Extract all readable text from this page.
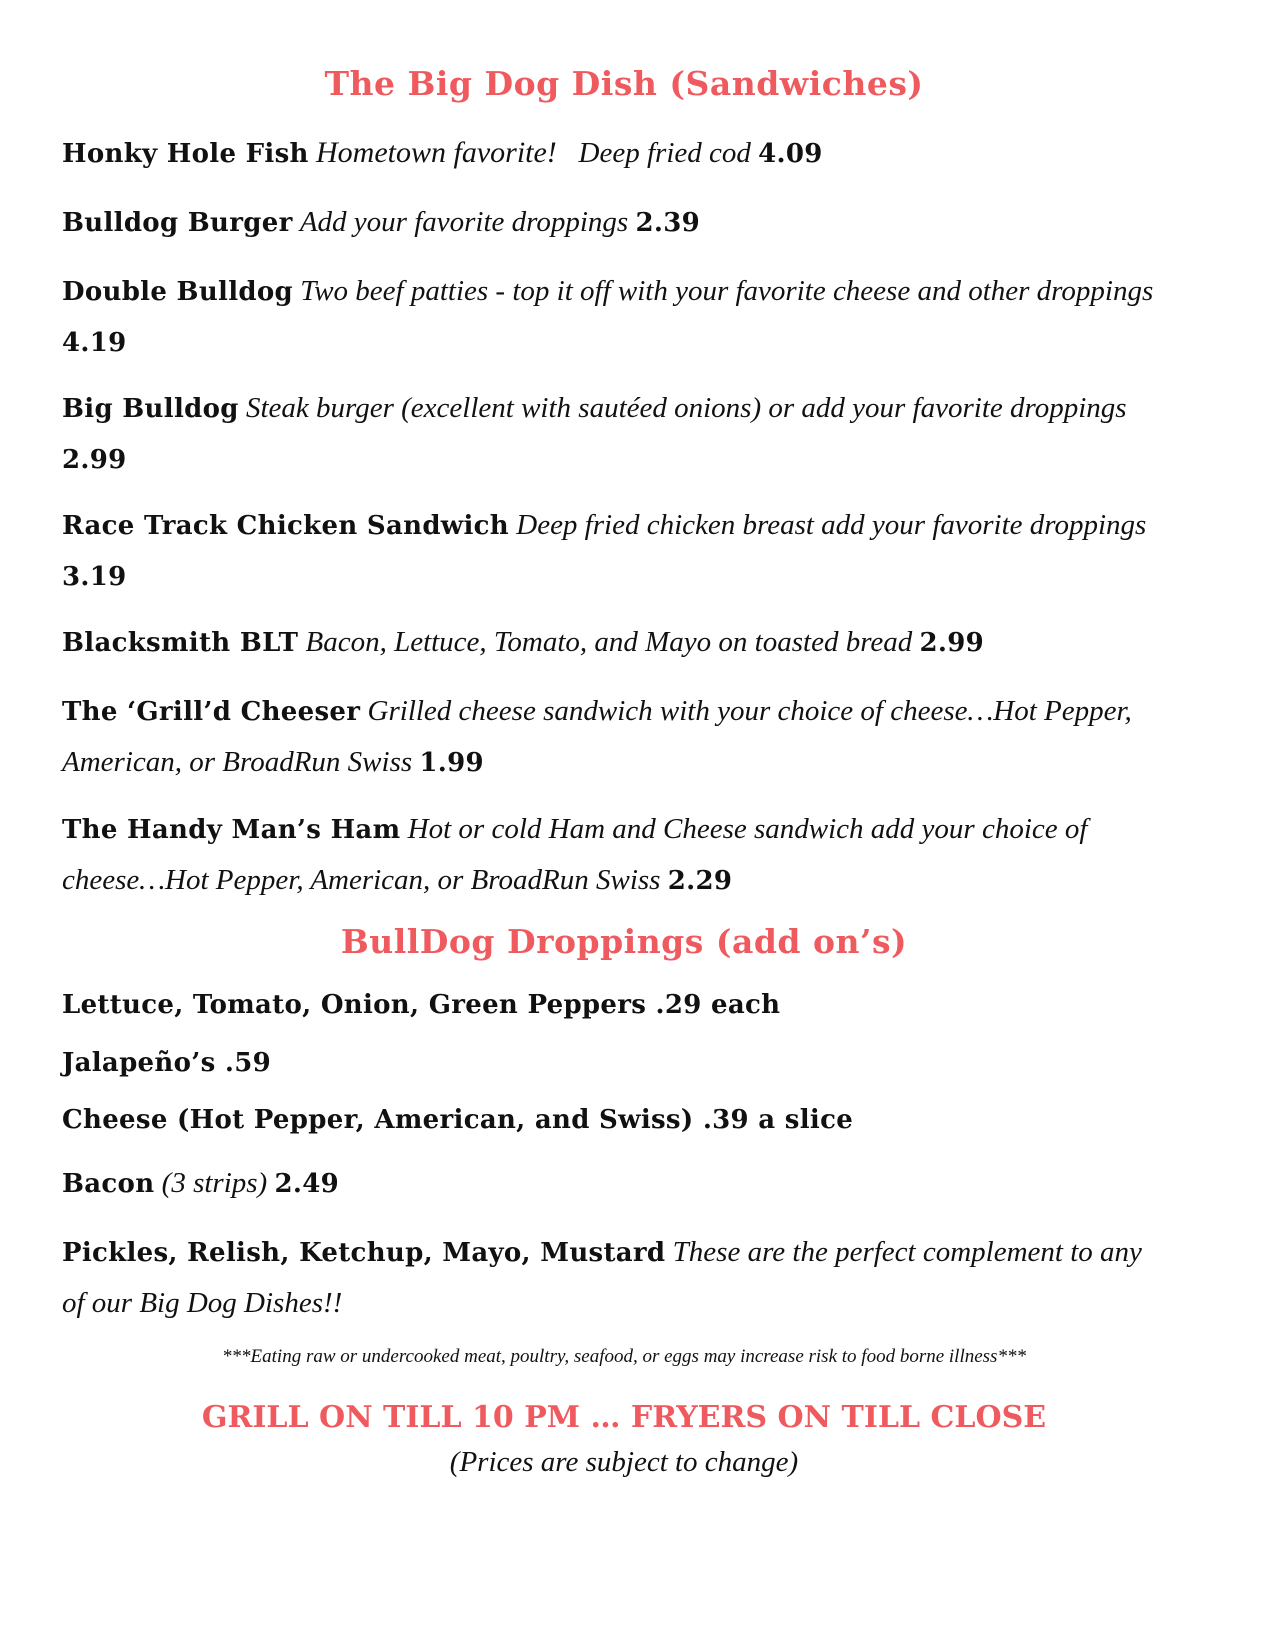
The Big Dog Dish (Sandwiches)
Honky Hole Fish Hometown favorite! Deep fried cod 4.09
Bulldog Burger Add your favorite droppings 2.39
Double Bulldog Two beef patties - top it off with your favorite cheese and other droppings 4.19
Big Bulldog Steak burger (excellent with sautéed onions) or add your favorite droppings 2.99
Race Track Chicken Sandwich Deep fried chicken breast add your favorite droppings 3.19
Blacksmith BLT Bacon, Lettuce, Tomato, and Mayo on toasted bread 2.99
The ‘Grill’d Cheeser Grilled cheese sandwich with your choice of cheese…Hot Pepper, American, or BroadRun Swiss 1.99
The Handy Man’s Ham Hot or cold Ham and Cheese sandwich add your choice of cheese…Hot Pepper, American, or BroadRun Swiss 2.29
BullDog Droppings (add on’s)
Lettuce, Tomato, Onion, Green Peppers .29 each
Jalapeño’s .59
Cheese (Hot Pepper, American, and Swiss) .39 a slice
Bacon (3 strips) 2.49
Pickles, Relish, Ketchup, Mayo, Mustard These are the perfect complement to any of our Big Dog Dishes!!
***Eating raw or undercooked meat, poultry, seafood, or eggs may increase risk to food borne illness***
GRILL ON TILL 10 PM … FRYERS ON TILL CLOSE
(Prices are subject to change)
